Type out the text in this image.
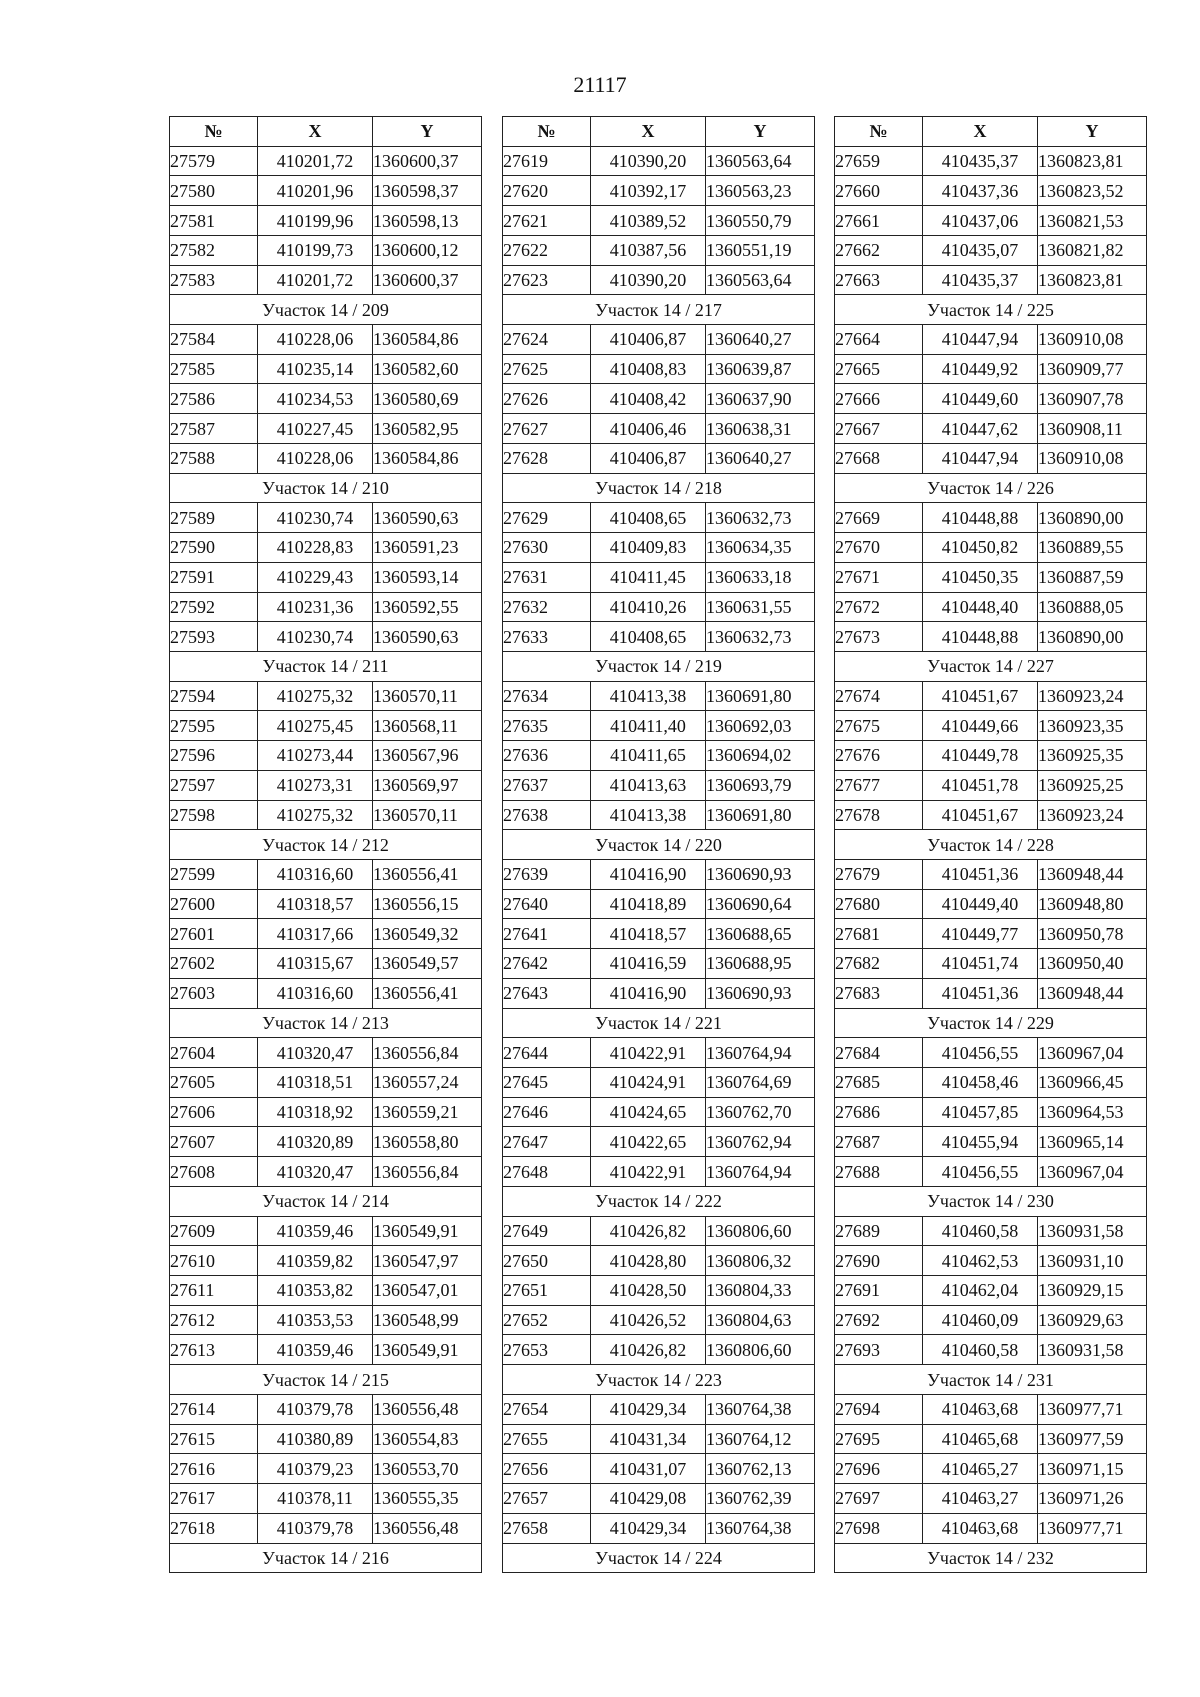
21117
№	X	Y
27579	410201,72	1360600,37
27580	410201,96	1360598,37
27581	410199,96	1360598,13
27582	410199,73	1360600,12
27583	410201,72	1360600,37
Участок 14 / 209		
27584	410228,06	1360584,86
27585	410235,14	1360582,60
27586	410234,53	1360580,69
27587	410227,45	1360582,95
27588	410228,06	1360584,86
Участок 14 / 210		
27589	410230,74	1360590,63
27590	410228,83	1360591,23
27591	410229,43	1360593,14
27592	410231,36	1360592,55
27593	410230,74	1360590,63
Участок 14 / 211		
27594	410275,32	1360570,11
27595	410275,45	1360568,11
27596	410273,44	1360567,96
27597	410273,31	1360569,97
27598	410275,32	1360570,11
Участок 14 / 212		
27599	410316,60	1360556,41
27600	410318,57	1360556,15
27601	410317,66	1360549,32
27602	410315,67	1360549,57
27603	410316,60	1360556,41
Участок 14 / 213		
27604	410320,47	1360556,84
27605	410318,51	1360557,24
27606	410318,92	1360559,21
27607	410320,89	1360558,80
27608	410320,47	1360556,84
Участок 14 / 214		
27609	410359,46	1360549,91
27610	410359,82	1360547,97
27611	410353,82	1360547,01
27612	410353,53	1360548,99
27613	410359,46	1360549,91
Участок 14 / 215		
27614	410379,78	1360556,48
27615	410380,89	1360554,83
27616	410379,23	1360553,70
27617	410378,11	1360555,35
27618	410379,78	1360556,48
Участок 14 / 216		
№	X	Y
27619	410390,20	1360563,64
27620	410392,17	1360563,23
27621	410389,52	1360550,79
27622	410387,56	1360551,19
27623	410390,20	1360563,64
Участок 14 / 217		
27624	410406,87	1360640,27
27625	410408,83	1360639,87
27626	410408,42	1360637,90
27627	410406,46	1360638,31
27628	410406,87	1360640,27
Участок 14 / 218		
27629	410408,65	1360632,73
27630	410409,83	1360634,35
27631	410411,45	1360633,18
27632	410410,26	1360631,55
27633	410408,65	1360632,73
Участок 14 / 219		
27634	410413,38	1360691,80
27635	410411,40	1360692,03
27636	410411,65	1360694,02
27637	410413,63	1360693,79
27638	410413,38	1360691,80
Участок 14 / 220		
27639	410416,90	1360690,93
27640	410418,89	1360690,64
27641	410418,57	1360688,65
27642	410416,59	1360688,95
27643	410416,90	1360690,93
Участок 14 / 221		
27644	410422,91	1360764,94
27645	410424,91	1360764,69
27646	410424,65	1360762,70
27647	410422,65	1360762,94
27648	410422,91	1360764,94
Участок 14 / 222		
27649	410426,82	1360806,60
27650	410428,80	1360806,32
27651	410428,50	1360804,33
27652	410426,52	1360804,63
27653	410426,82	1360806,60
Участок 14 / 223		
27654	410429,34	1360764,38
27655	410431,34	1360764,12
27656	410431,07	1360762,13
27657	410429,08	1360762,39
27658	410429,34	1360764,38
Участок 14 / 224		
№	X	Y
27659	410435,37	1360823,81
27660	410437,36	1360823,52
27661	410437,06	1360821,53
27662	410435,07	1360821,82
27663	410435,37	1360823,81
Участок 14 / 225		
27664	410447,94	1360910,08
27665	410449,92	1360909,77
27666	410449,60	1360907,78
27667	410447,62	1360908,11
27668	410447,94	1360910,08
Участок 14 / 226		
27669	410448,88	1360890,00
27670	410450,82	1360889,55
27671	410450,35	1360887,59
27672	410448,40	1360888,05
27673	410448,88	1360890,00
Участок 14 / 227		
27674	410451,67	1360923,24
27675	410449,66	1360923,35
27676	410449,78	1360925,35
27677	410451,78	1360925,25
27678	410451,67	1360923,24
Участок 14 / 228		
27679	410451,36	1360948,44
27680	410449,40	1360948,80
27681	410449,77	1360950,78
27682	410451,74	1360950,40
27683	410451,36	1360948,44
Участок 14 / 229		
27684	410456,55	1360967,04
27685	410458,46	1360966,45
27686	410457,85	1360964,53
27687	410455,94	1360965,14
27688	410456,55	1360967,04
Участок 14 / 230		
27689	410460,58	1360931,58
27690	410462,53	1360931,10
27691	410462,04	1360929,15
27692	410460,09	1360929,63
27693	410460,58	1360931,58
Участок 14 / 231		
27694	410463,68	1360977,71
27695	410465,68	1360977,59
27696	410465,27	1360971,15
27697	410463,27	1360971,26
27698	410463,68	1360977,71
Участок 14 / 232		
